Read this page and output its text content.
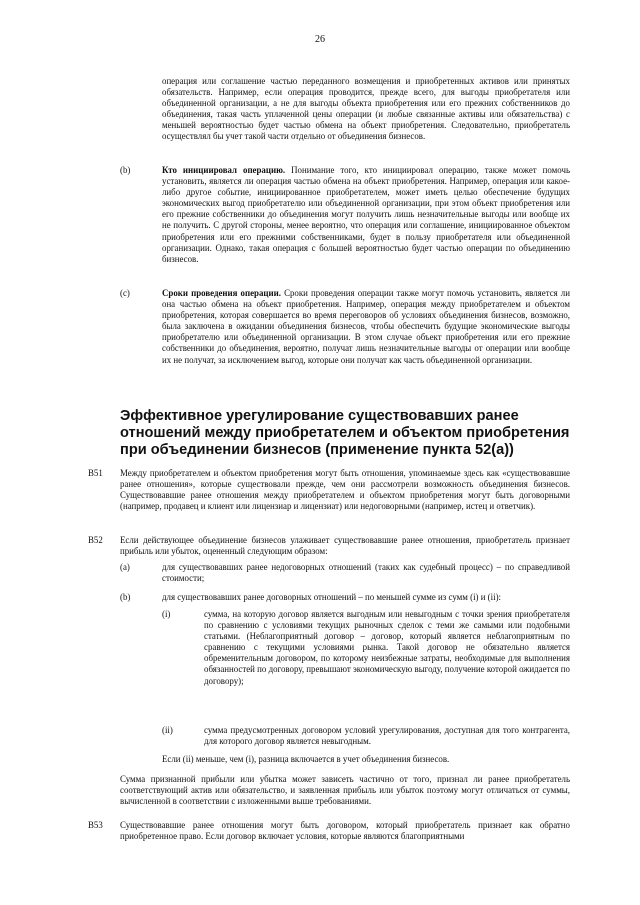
26

операция или соглашение частью переданного возмещения и приобретенных активов или принятых обязательств. Например, если операция проводится, прежде всего, для выгоды приобретателя или объединенной организации, а не для выгоды объекта приобретения или его прежних собственников до объединения, такая часть уплаченной цены операции (и любые связанные активы или обязательства) с меньшей вероятностью будет частью обмена на объект приобретения. Следовательно, приобретатель осуществлял бы учет такой части отдельно от объединения бизнесов.

(b)	Кто инициировал операцию. Понимание того, кто инициировал операцию, также может помочь установить, является ли операция частью обмена на объект приобретения. Например, операция или какое-либо другое событие, инициированное приобретателем, может иметь целью обеспечение будущих экономических выгод приобретателю или объединенной организации, при этом объект приобретения или его прежние собственники до объединения могут получить лишь незначительные выгоды или вообще их не получить. С другой стороны, менее вероятно, что операция или соглашение, инициированное объектом приобретения или его прежними собственниками, будет в пользу приобретателя или объединенной организации. Однако, такая операция с большей вероятностью будет частью операции по объединению бизнесов.

(c)	Сроки проведения операции. Сроки проведения операции также могут помочь установить, является ли она частью обмена на объект приобретения. Например, операция между приобретателем и объектом приобретения, которая совершается во время переговоров об условиях объединения бизнесов, возможно, была заключена в ожидании объединения бизнесов, чтобы обеспечить будущие экономические выгоды приобретателю или объединенной организации. В этом случае объект приобретения или его прежние собственники до объединения, вероятно, получат лишь незначительные выгоды от операции или вообще их не получат, за исключением выгод, которые они получат как часть объединенной организации.

Эффективное урегулирование существовавших ранее отношений между приобретателем и объектом приобретения при объединении бизнесов (применение пункта 52(а))
B51 Между приобретателем и объектом приобретения могут быть отношения, упоминаемые здесь как «существовавшие ранее отношения», которые существовали прежде, чем они рассмотрели возможность объединения бизнесов. Существовавшие ранее отношения между приобретателем и объектом приобретения могут быть договорными (например, продавец и клиент или лицензиар и лицензиат) или недоговорными (например, истец и ответчик).

B52 Если действующее объединение бизнесов улаживает существовавшие ранее отношения, приобретатель признает прибыль или убыток, оцененный следующим образом:

(а)	для существовавших ранее недоговорных отношений (таких как судебный процесс) – по справедливой стоимости;

(b)	для существовавших ранее договорных отношений – по меньшей сумме из сумм (i) и (ii):

(i)	сумма, на которую договор является выгодным или невыгодным с точки зрения приобретателя по сравнению с условиями текущих рыночных сделок с теми же самыми или подобными статьями. (Неблагоприятный договор – договор, который является неблагоприятным по сравнению с текущими условиями рынка. Такой договор не обязательно является обременительным договором, по которому неизбежные затраты, необходимые для выполнения обязанностей по договору, превышают экономическую выгоду, получение которой ожидается по договору);

(ii)	сумма предусмотренных договором условий урегулирования, доступная для того контрагента, для которого договор является невыгодным.

Если (ii) меньше, чем (i), разница включается в учет объединения бизнесов.

Сумма признанной прибыли или убытка может зависеть частично от того, признал ли ранее приобретатель соответствующий актив или обязательство, и заявленная прибыль или убыток поэтому могут отличаться от суммы, вычисленной в соответствии с изложенными выше требованиями.

B53 Существовавшие ранее отношения могут быть договором, который приобретатель признает как обратно приобретенное право. Если договор включает условия, которые являются благоприятными
